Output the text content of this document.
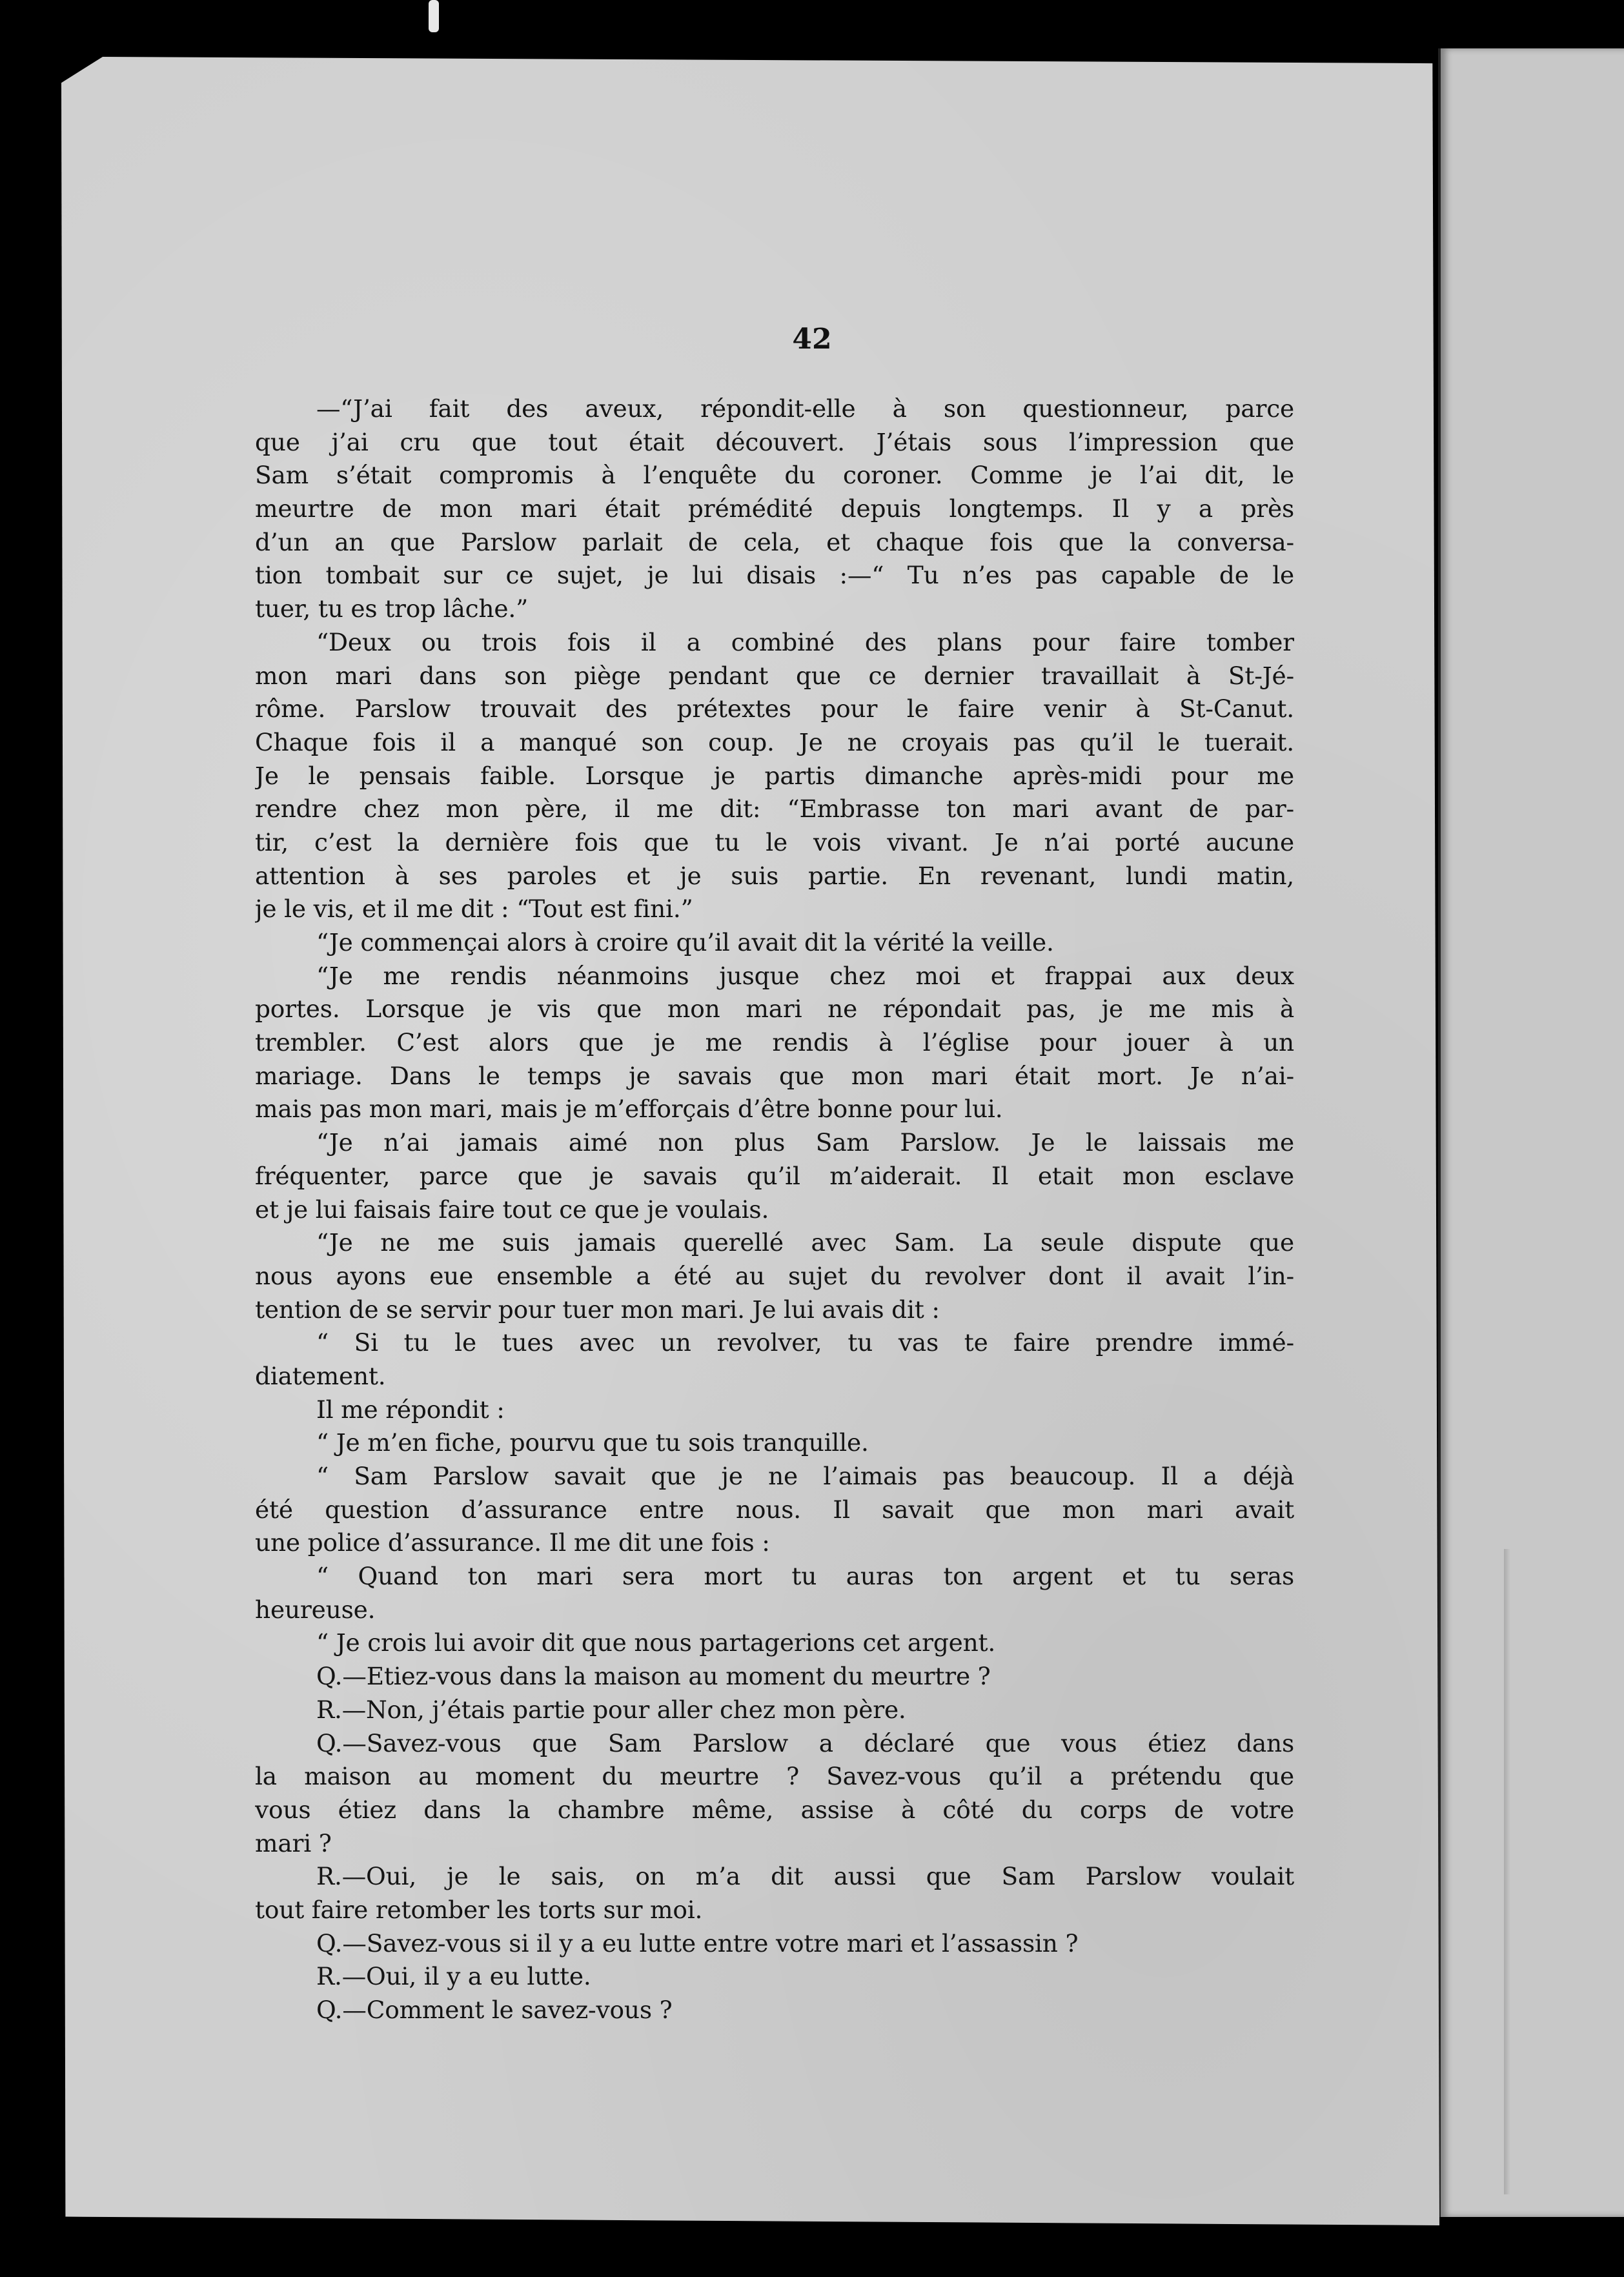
42
—“J’ai fait des aveux, répondit-elle à son questionneur, parce
que j’ai cru que tout était découvert. J’étais sous l’impression que
Sam s’était compromis à l’enquête du coroner. Comme je l’ai dit, le
meurtre de mon mari était prémédité depuis longtemps. Il y a près
d’un an que Parslow parlait de cela, et chaque fois que la conversa-
tion tombait sur ce sujet, je lui disais :—“ Tu n’es pas capable de le
tuer, tu es trop lâche.”
“Deux ou trois fois il a combiné des plans pour faire tomber
mon mari dans son piège pendant que ce dernier travaillait à St-Jé-
rôme. Parslow trouvait des prétextes pour le faire venir à St-Canut.
Chaque fois il a manqué son coup. Je ne croyais pas qu’il le tuerait.
Je le pensais faible. Lorsque je partis dimanche après-midi pour me
rendre chez mon père, il me dit: “Embrasse ton mari avant de par-
tir, c’est la dernière fois que tu le vois vivant. Je n’ai porté aucune
attention à ses paroles et je suis partie. En revenant, lundi matin,
je le vis, et il me dit : “Tout est fini.”
“Je commençai alors à croire qu’il avait dit la vérité la veille.
“Je me rendis néanmoins jusque chez moi et frappai aux deux
portes. Lorsque je vis que mon mari ne répondait pas, je me mis à
trembler. C’est alors que je me rendis à l’église pour jouer à un
mariage. Dans le temps je savais que mon mari était mort. Je n’ai-
mais pas mon mari, mais je m’efforçais d’être bonne pour lui.
“Je n’ai jamais aimé non plus Sam Parslow. Je le laissais me
fréquenter, parce que je savais qu’il m’aiderait. Il etait mon esclave
et je lui faisais faire tout ce que je voulais.
“Je ne me suis jamais querellé avec Sam. La seule dispute que
nous ayons eue ensemble a été au sujet du revolver dont il avait l’in-
tention de se servir pour tuer mon mari. Je lui avais dit :
“ Si tu le tues avec un revolver, tu vas te faire prendre immé-
diatement.
Il me répondit :
“ Je m’en fiche, pourvu que tu sois tranquille.
“ Sam Parslow savait que je ne l’aimais pas beaucoup. Il a déjà
été question d’assurance entre nous. Il savait que mon mari avait
une police d’assurance. Il me dit une fois :
“ Quand ton mari sera mort tu auras ton argent et tu seras
heureuse.
“ Je crois lui avoir dit que nous partagerions cet argent.
Q.—Etiez-vous dans la maison au moment du meurtre ?
R.—Non, j’étais partie pour aller chez mon père.
Q.—Savez-vous que Sam Parslow a déclaré que vous étiez dans
la maison au moment du meurtre ? Savez-vous qu’il a prétendu que
vous étiez dans la chambre même, assise à côté du corps de votre
mari ?
R.—Oui, je le sais, on m’a dit aussi que Sam Parslow voulait
tout faire retomber les torts sur moi.
Q.—Savez-vous si il y a eu lutte entre votre mari et l’assassin ?
R.—Oui, il y a eu lutte.
Q.—Comment le savez-vous ?
